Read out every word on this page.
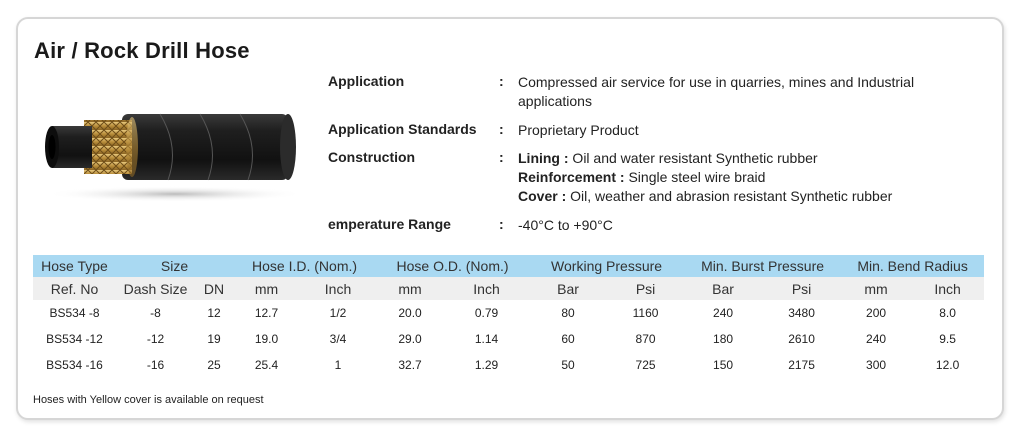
Air / Rock Drill Hose
Application	: Compressed air service for use in quarries, mines and Industrial applications
Application Standards : Proprietary Product
Construction	: Lining : Oil and water resistant Synthetic rubber
Reinforcement : Single steel wire braid
Cover : Oil, weather and abrasion resistant Synthetic rubber
emperature Range	: -40°C to +90°C
Hose Type	Size		Hose I.D. (Nom.)		Hose O.D. (Nom.)		Working Pressure		Min. Burst Pressure		Min. Bend Radius	
Ref. No	Dash Size	DN	mm	Inch	mm	Inch	Bar	Psi	Bar	Psi	mm	Inch
BS534 -8	-8	12	12.7	1/2	20.0	0.79	80	1160	240	3480	200	8.0
BS534 -12	-12	19	19.0	3/4	29.0	1.14	60	870	180	2610	240	9.5
BS534 -16	-16	25	25.4	1	32.7	1.29	50	725	150	2175	300	12.0
Hoses with Yellow cover is available on request
